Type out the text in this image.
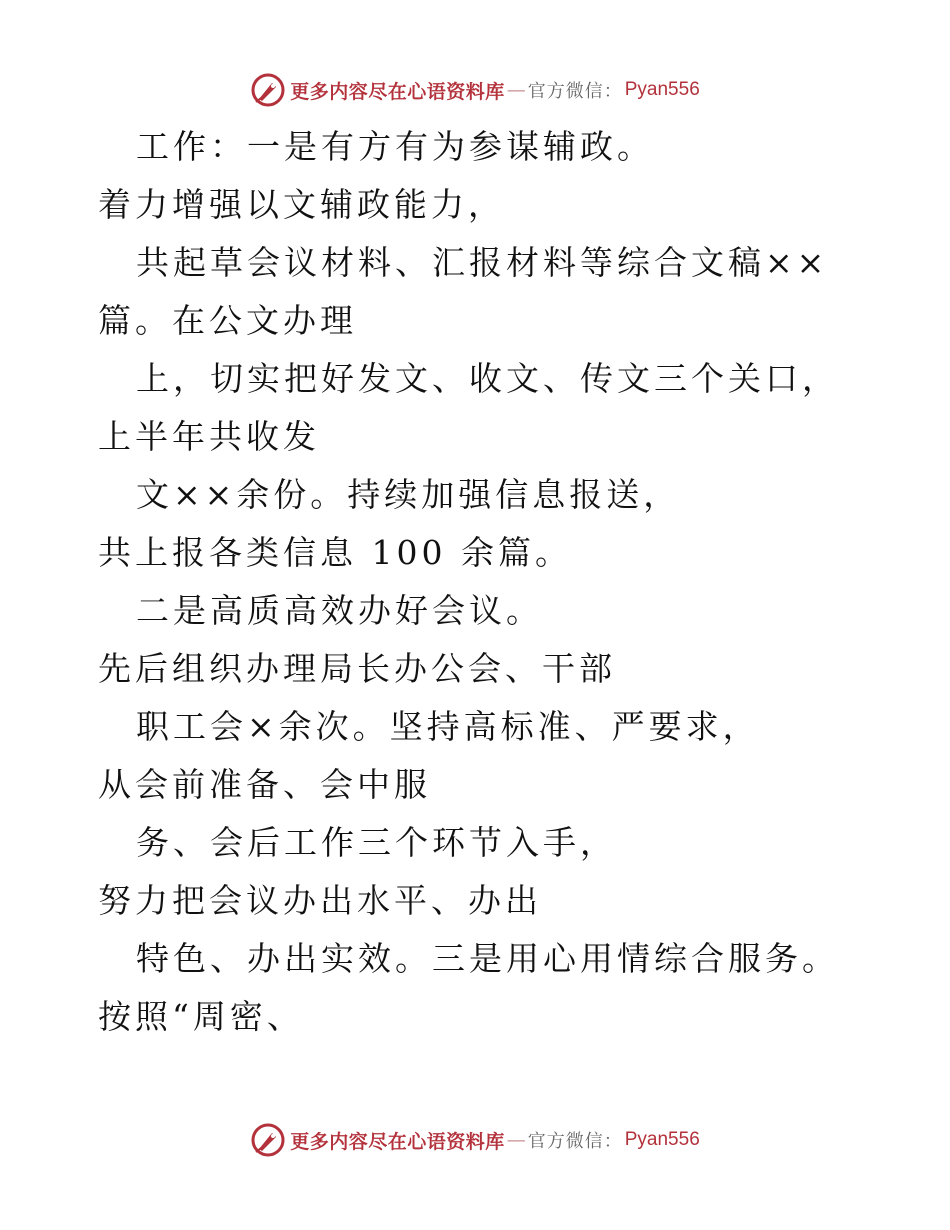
更多内容尽在心语资料库 — 官方微信： Pyan556

工作：一是有方有为参谋辅政。着力增强以文辅政能力，

共起草会议材料、汇报材料等综合文稿××篇。在公文办理

上，切实把好发文、收文、传文三个关口，上半年共收发

文××余份。持续加强信息报送，共上报各类信息 100 余篇。

二是高质高效办好会议。先后组织办理局长办公会、干部

职工会×余次。坚持高标准、严要求，从会前准备、会中服

务、会后工作三个环节入手，努力把会议办出水平、办出

特色、办出实效。三是用心用情综合服务。按照“周密、

更多内容尽在心语资料库 — 官方微信： Pyan556
